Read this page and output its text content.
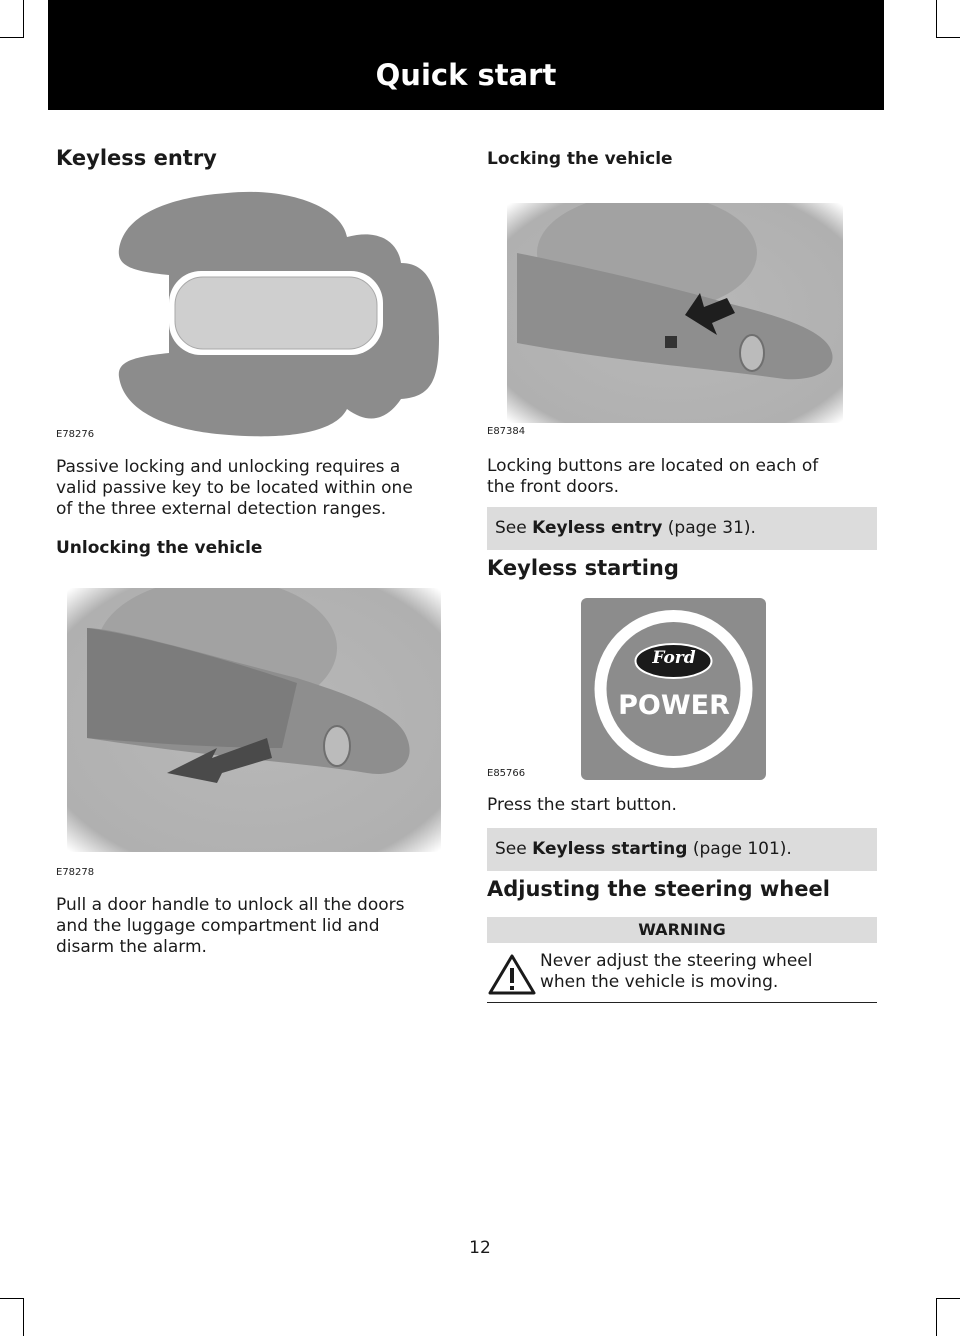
Quick start
Keyless entry
E78276

Passive locking and unlocking requires a

valid passive key to be located within one

of the three external detection ranges.

Unlocking the vehicle
E78278

Pull a door handle to unlock all the doors

and the luggage compartment lid and

disarm the alarm.

Locking the vehicle
E87384

Locking buttons are located on each of

the front doors.

See Keyless entry (page 31).
Keyless starting
Ford
POWER
E85766

Press the start button.

See Keyless starting (page 101).
Adjusting the steering wheel
WARNING

Never adjust the steering wheel

when the vehicle is moving.

12
